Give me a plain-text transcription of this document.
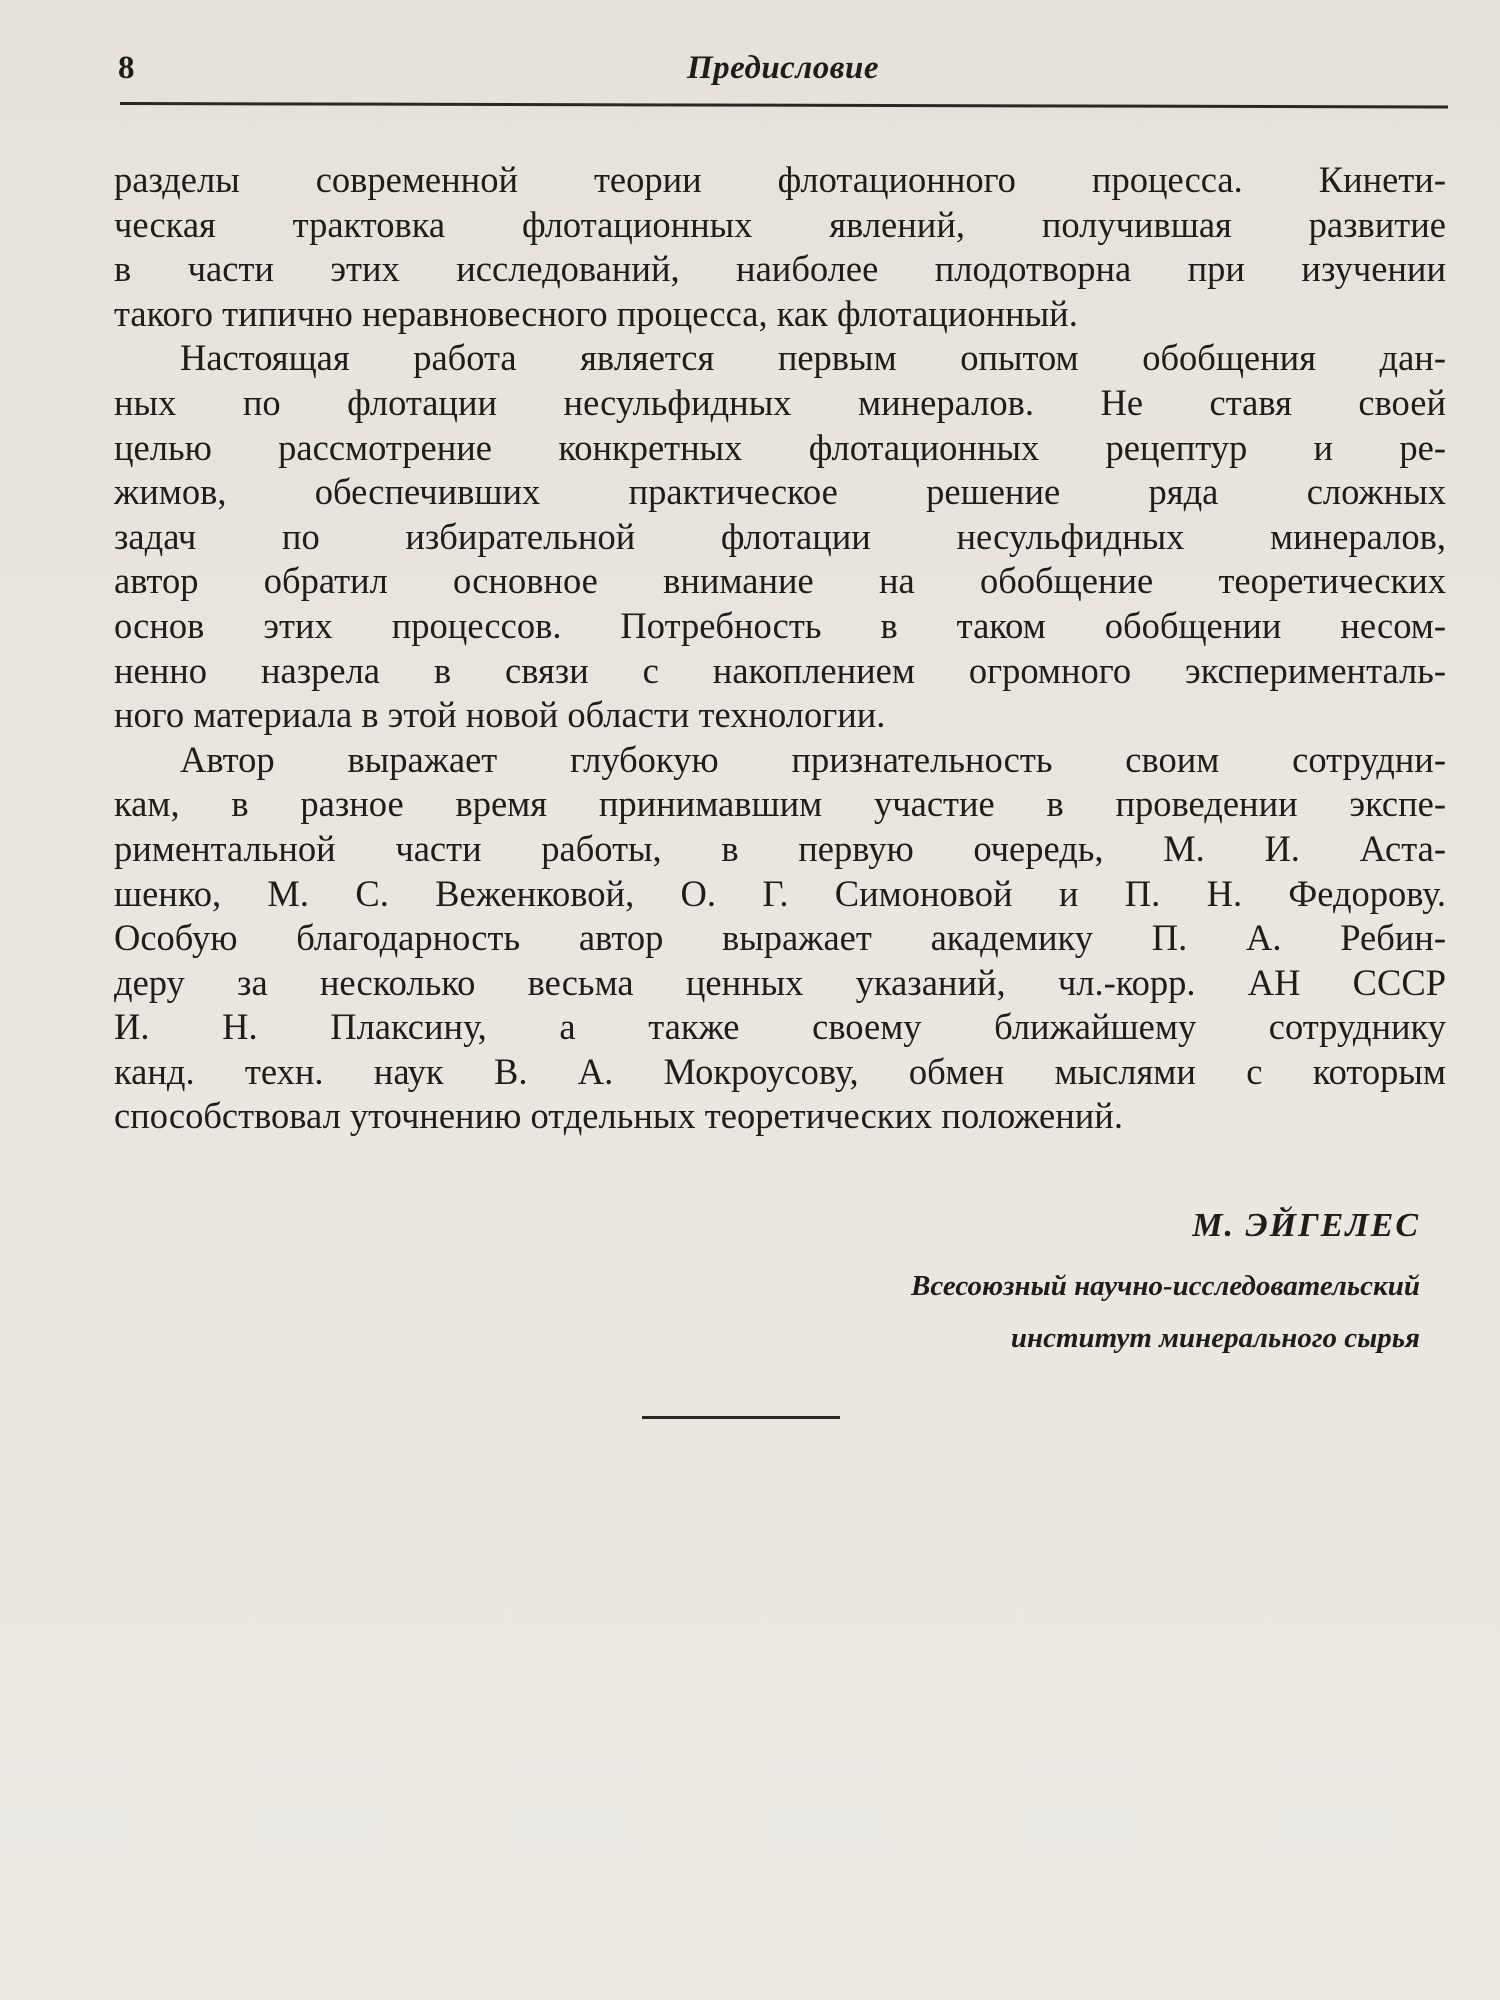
8	Предисловие
разделы современной теории флотационного процесса. Кинети-
ческая трактовка флотационных явлений, получившая развитие
в части этих исследований, наиболее плодотворна при изучении
такого типично неравновесного процесса, как флотационный.
Настоящая работа является первым опытом обобщения дан-
ных по флотации несульфидных минералов. Не ставя своей
целью рассмотрение конкретных флотационных рецептур и ре-
жимов, обеспечивших практическое решение ряда сложных
задач по избирательной флотации несульфидных минералов,
автор обратил основное внимание на обобщение теоретических
основ этих процессов. Потребность в таком обобщении несом-
ненно назрела в связи с накоплением огромного эксперименталь-
ного материала в этой новой области технологии.
Автор выражает глубокую признательность своим сотрудни-
кам, в разное время принимавшим участие в проведении экспе-
риментальной части работы, в первую очередь, М. И. Аста-
шенко, М. С. Веженковой, О. Г. Симоновой и П. Н. Федорову.
Особую благодарность автор выражает академику П. А. Ребин-
деру за несколько весьма ценных указаний, чл.-корр. АН СССР
И. Н. Плаксину, а также своему ближайшему сотруднику
канд. техн. наук В. А. Мокроусову, обмен мыслями с которым
способствовал уточнению отдельных теоретических положений.
М. ЭЙГЕЛЕС
Всесоюзный научно-исследовательский
институт минерального сырья
